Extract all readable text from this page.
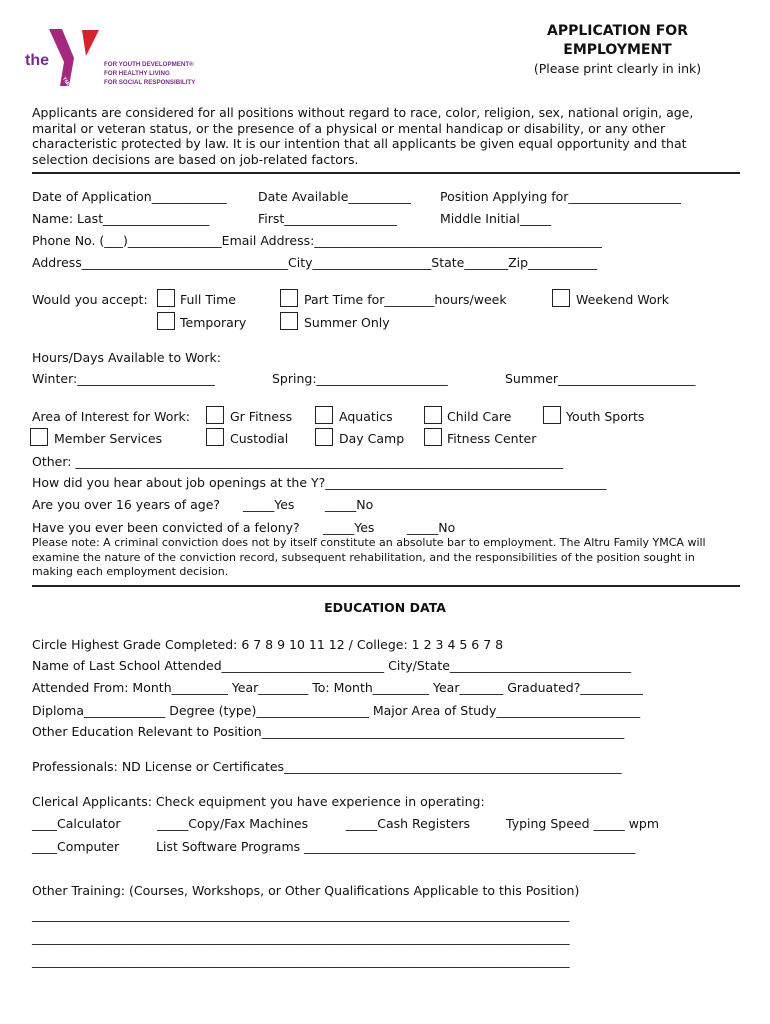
the
YMCA
FOR YOUTH DEVELOPMENT®
FOR HEALTHY LIVING
FOR SOCIAL RESPONSIBILITY
APPLICATION FOR
EMPLOYMENT
(Please print clearly in ink)
Applicants are considered for all positions without regard to race, color, religion, sex, national origin, age,
marital or veteran status, or the presence of a physical or mental handicap or disability, or any other
characteristic protected by law. It is our intention that all applicants be given equal opportunity and that
selection decisions are based on job-related factors.
Date of Application____________	Date Available__________ Position Applying for__________________
Name: Last_________________	First__________________	Middle Initial_____
Phone No. (___)_______________Email Address:______________________________________________
Address_________________________________City___________________State_______Zip___________
Would you accept:	Full Time	Part Time for________hours/week	Weekend Work
Temporary	Summer Only
Hours/Days Available to Work:
Winter:______________________	Spring:_____________________	Summer______________________
Area of Interest for Work:	Gr Fitness	Aquatics	Child Care	Youth Sports
Member Services	Custodial	Day Camp	Fitness Center
Other: ______________________________________________________________________________
How did you hear about job openings at the Y?_____________________________________________
Are you over 16 years of age? _____Yes _____No
Have you ever been convicted of a felony? _____Yes	_____No
Please note: A criminal conviction does not by itself constitute an absolute bar to employment. The Altru Family YMCA will
examine the nature of the conviction record, subsequent rehabilitation, and the responsibilities of the position sought in
making each employment decision.
EDUCATION DATA
Circle Highest Grade Completed: 6 7 8 9 10 11 12 / College: 1 2 3 4 5 6 7 8
Name of Last School Attended__________________________ City/State_____________________________
Attended From: Month_________ Year________ To: Month_________ Year_______ Graduated?__________
Diploma_____________ Degree (type)__________________ Major Area of Study_______________________
Other Education Relevant to Position__________________________________________________________
Professionals: ND License or Certificates______________________________________________________
Clerical Applicants: Check equipment you have experience in operating:
____Calculator	_____Copy/Fax Machines	_____Cash Registers	Typing Speed _____ wpm
____Computer	List Software Programs _____________________________________________________
Other Training: (Courses, Workshops, or Other Qualifications Applicable to this Position)
______________________________________________________________________________________
______________________________________________________________________________________
______________________________________________________________________________________
